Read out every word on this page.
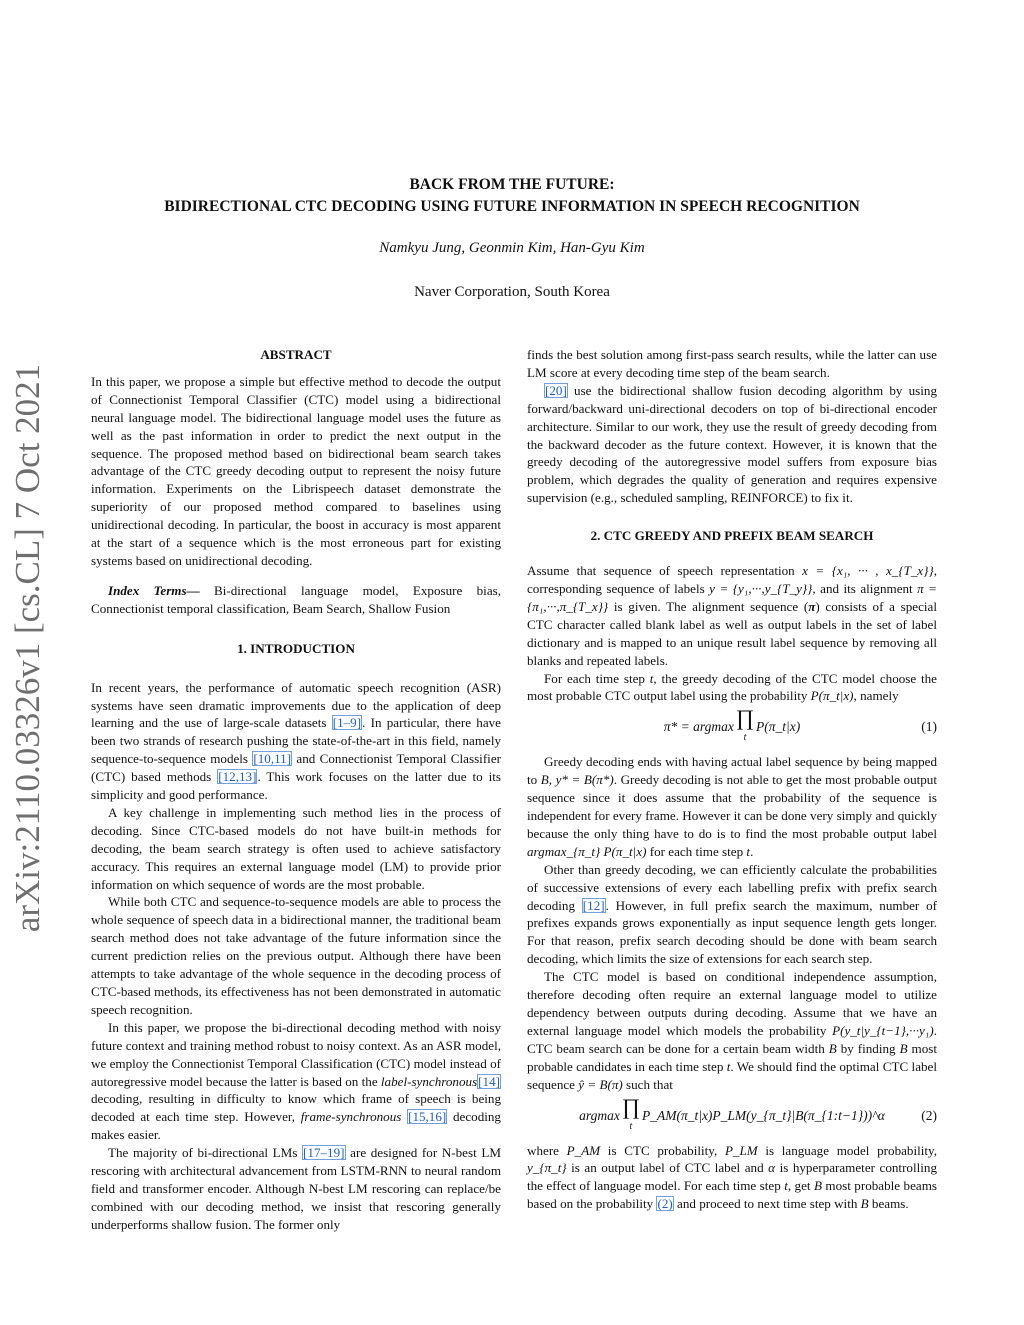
arXiv:2110.03326v1 [cs.CL] 7 Oct 2021
BACK FROM THE FUTURE:
BIDIRECTIONAL CTC DECODING USING FUTURE INFORMATION IN SPEECH RECOGNITION
Namkyu Jung, Geonmin Kim, Han-Gyu Kim
Naver Corporation, South Korea
ABSTRACT

In this paper, we propose a simple but effective method to decode the output of Connectionist Temporal Classifier (CTC) model using a bidirectional neural language model. The bidirectional language model uses the future as well as the past information in order to predict the next output in the sequence. The proposed method based on bidirectional beam search takes advantage of the CTC greedy decoding output to represent the noisy future information. Experiments on the Librispeech dataset demonstrate the superiority of our proposed method compared to baselines using unidirectional decoding. In particular, the boost in accuracy is most apparent at the start of a sequence which is the most erroneous part for existing systems based on unidirectional decoding.

Index Terms— Bi-directional language model, Exposure bias, Connectionist temporal classification, Beam Search, Shallow Fusion

1. INTRODUCTION

In recent years, the performance of automatic speech recognition (ASR) systems have seen dramatic improvements due to the application of deep learning and the use of large-scale datasets [1–9]. In particular, there have been two strands of research pushing the state-of-the-art in this field, namely sequence-to-sequence models [10,11] and Connectionist Temporal Classifier (CTC) based methods [12,13]. This work focuses on the latter due to its simplicity and good performance.

A key challenge in implementing such method lies in the process of decoding. Since CTC-based models do not have built-in methods for decoding, the beam search strategy is often used to achieve satisfactory accuracy. This requires an external language model (LM) to provide prior information on which sequence of words are the most probable.

While both CTC and sequence-to-sequence models are able to process the whole sequence of speech data in a bidirectional manner, the traditional beam search method does not take advantage of the future information since the current prediction relies on the previous output. Although there have been attempts to take advantage of the whole sequence in the decoding process of CTC-based methods, its effectiveness has not been demonstrated in automatic speech recognition.

In this paper, we propose the bi-directional decoding method with noisy future context and training method robust to noisy context. As an ASR model, we employ the Connectionist Temporal Classification (CTC) model instead of autoregressive model because the latter is based on the label-synchronous[14] decoding, resulting in difficulty to know which frame of speech is being decoded at each time step. However, frame-synchronous [15,16] decoding makes easier.

The majority of bi-directional LMs [17–19] are designed for N-best LM rescoring with architectural advancement from LSTM-RNN to neural random field and transformer encoder. Although N-best LM rescoring can replace/be combined with our decoding method, we insist that rescoring generally underperforms shallow fusion. The former only

finds the best solution among first-pass search results, while the latter can use LM score at every decoding time step of the beam search.

[20] use the bidirectional shallow fusion decoding algorithm by using forward/backward uni-directional decoders on top of bi-directional encoder architecture. Similar to our work, they use the result of greedy decoding from the backward decoder as the future context. However, it is known that the greedy decoding of the autoregressive model suffers from exposure bias problem, which degrades the quality of generation and requires expensive supervision (e.g., scheduled sampling, REINFORCE) to fix it.

2. CTC GREEDY AND PREFIX BEAM SEARCH

Assume that sequence of speech representation x = {x₁, ··· , x_{T_x}}, corresponding sequence of labels y = {y₁,···,y_{T_y}}, and its alignment π = {π₁,···,π_{T_x}} is given. The alignment sequence (π) consists of a special CTC character called blank label as well as output labels in the set of label dictionary and is mapped to an unique result label sequence by removing all blanks and repeated labels.

For each time step t, the greedy decoding of the CTC model choose the most probable CTC output label using the probability P(π_t|x), namely

π* = argmax ∏
t
P(π_t|x)	(1)

Greedy decoding ends with having actual label sequence by being mapped to B, y* = B(π*). Greedy decoding is not able to get the most probable output sequence since it does assume that the probability of the sequence is independent for every frame. However it can be done very simply and quickly because the only thing have to do is to find the most probable output label argmax_{π_t} P(π_t|x) for each time step t.

Other than greedy decoding, we can efficiently calculate the probabilities of successive extensions of every each labelling prefix with prefix search decoding [12]. However, in full prefix search the maximum, number of prefixes expands grows exponentially as input sequence length gets longer. For that reason, prefix search decoding should be done with beam search decoding, which limits the size of extensions for each search step.

The CTC model is based on conditional independence assumption, therefore decoding often require an external language model to utilize dependency between outputs during decoding. Assume that we have an external language model which models the probability P(y_t|y_{t−1},···y₁). CTC beam search can be done for a certain beam width B by finding B most probable candidates in each time step t. We should find the optimal CTC label sequence ŷ = B(π) such that

argmax ∏
t
P_AM(π_t|x)P_LM(y_{π_t}|B(π_{1:t−1}))^α	(2)

where P_AM is CTC probability, P_LM is language model probability, y_{π_t} is an output label of CTC label and α is hyperparameter controlling the effect of language model. For each time step t, get B most probable beams based on the probability (2) and proceed to next time step with B beams.
